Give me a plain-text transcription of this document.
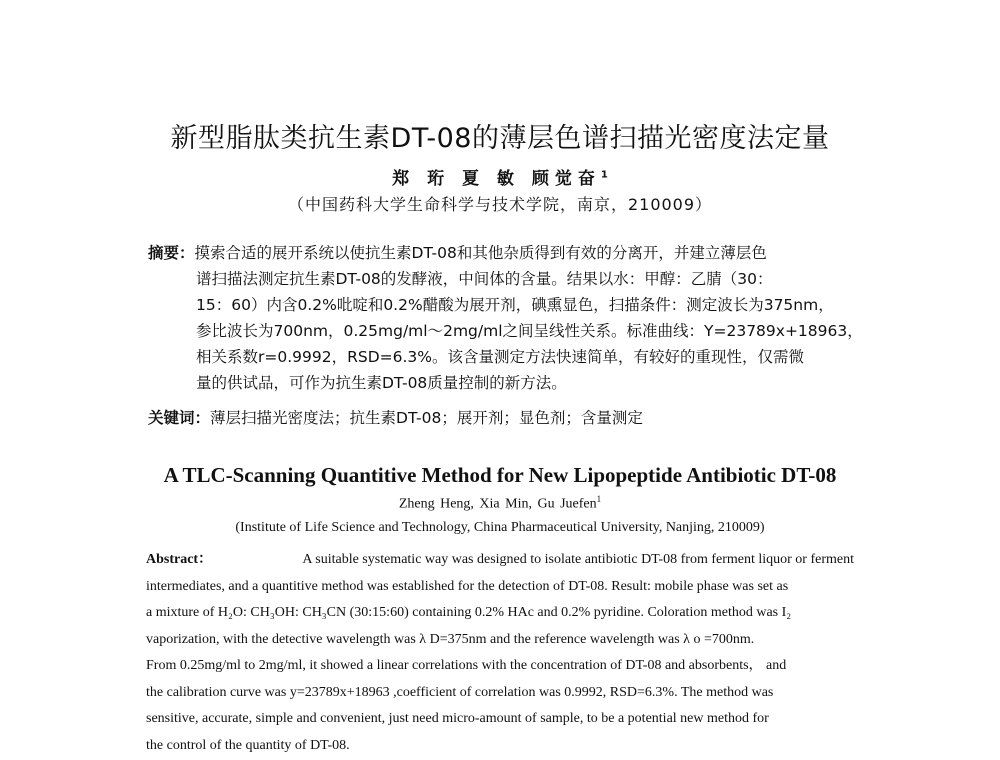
新型脂肽类抗生素DT-08的薄层色谱扫描光密度法定量
郑 珩 夏 敏 顾觉奋$^1$
（中国药科大学生命科学与技术学院，南京，210009）
摘要：摸索合适的展开系统以使抗生素DT-08和其他杂质得到有效的分离开，并建立薄层色
谱扫描法测定抗生素DT-08的发酵液，中间体的含量。结果以水：甲醇：乙腈（30：
15：60）内含0.2%吡啶和0.2%醋酸为展开剂，碘熏显色，扫描条件：测定波长为375nm，
参比波长为700nm，0.25mg/ml～2mg/ml之间呈线性关系。标准曲线：Y=23789x+18963，
相关系数r=0.9992，RSD=6.3%。该含量测定方法快速简单，有较好的重现性，仅需微
量的供试品，可作为抗生素DT-08质量控制的新方法。
关键词：薄层扫描光密度法；抗生素DT-08；展开剂；显色剂；含量测定
A TLC-Scanning Quantitive Method for New Lipopeptide Antibiotic DT-08
Zheng Heng, Xia Min, Gu Juefen$^1$
(Institute of Life Science and Technology, China Pharmaceutical University, Nanjing, 210009)
Abstract：	A suitable systematic way was designed to isolate antibiotic DT-08 from ferment liquor or ferment
intermediates, and a quantitive method was established for the detection of DT-08. Result: mobile phase was set as
a mixture of H₂O: CH₃OH: CH₃CN (30:15:60) containing 0.2% HAc and 0.2% pyridine. Coloration method was I₂
vaporization, with the detective wavelength was λ D=375nm and the reference wavelength was λ o =700nm.
From 0.25mg/ml to 2mg/ml, it showed a linear correlations with the concentration of DT-08 and absorbents， and
the calibration curve was y=23789x+18963 ,coefficient of correlation was 0.9992, RSD=6.3%. The method was
sensitive, accurate, simple and convenient, just need micro-amount of sample, to be a potential new method for
the control of the quantity of DT-08.
